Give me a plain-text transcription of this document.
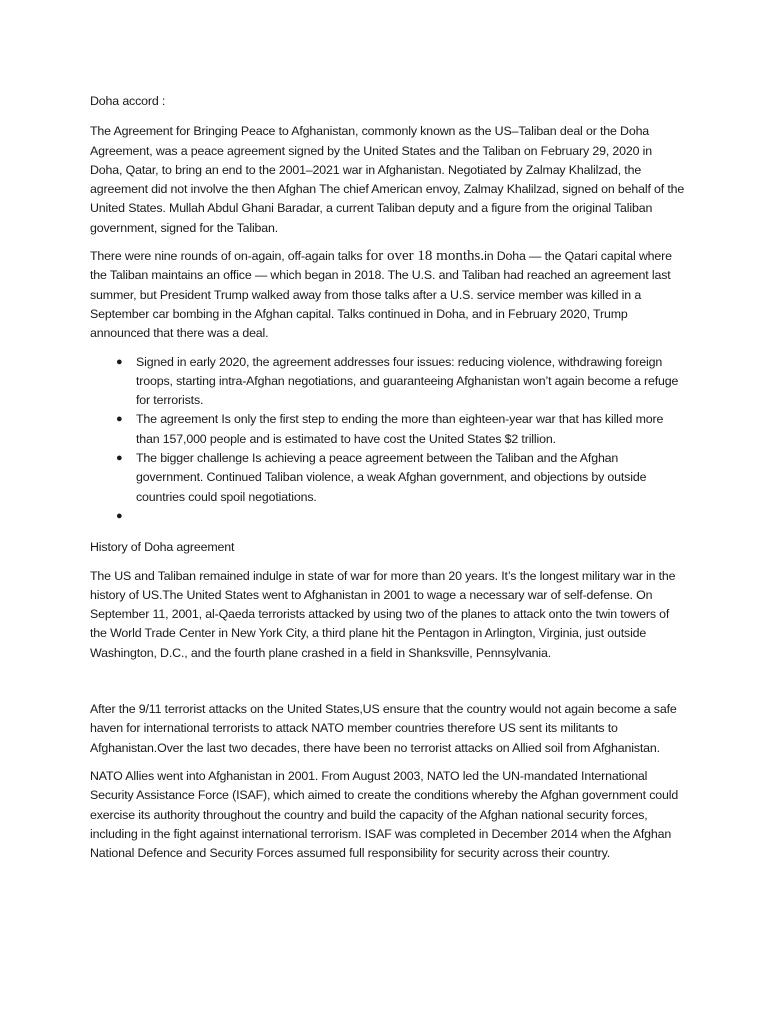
Doha accord :

The Agreement for Bringing Peace to Afghanistan, commonly known as the US–Taliban deal or the Doha Agreement, was a peace agreement signed by the United States and the Taliban on February 29, 2020 in Doha, Qatar, to bring an end to the 2001–2021 war in Afghanistan. Negotiated by Zalmay Khalilzad, the agreement did not involve the then Afghan The chief American envoy, Zalmay Khalilzad, signed on behalf of the United States. Mullah Abdul Ghani Baradar, a current Taliban deputy and a figure from the original Taliban government, signed for the Taliban.

There were nine rounds of on-again, off-again talks for over 18 months.in Doha — the Qatari capital where the Taliban maintains an office — which began in 2018. The U.S. and Taliban had reached an agreement last summer, but President Trump walked away from those talks after a U.S. service member was killed in a September car bombing in the Afghan capital. Talks continued in Doha, and in February 2020, Trump announced that there was a deal.

● Signed in early 2020, the agreement addresses four issues: reducing violence, withdrawing foreign troops, starting intra-Afghan negotiations, and guaranteeing Afghanistan won’t again become a refuge for terrorists.
● The agreement Is only the first step to ending the more than eighteen-year war that has killed more than 157,000 people and is estimated to have cost the United States $2 trillion.
● The bigger challenge Is achieving a peace agreement between the Taliban and the Afghan government. Continued Taliban violence, a weak Afghan government, and objections by outside countries could spoil negotiations.
●

History of Doha agreement

The US and Taliban remained indulge in state of war for more than 20 years. It’s the longest military war in the history of US.The United States went to Afghanistan in 2001 to wage a necessary war of self-defense. On September 11, 2001, al-Qaeda terrorists attacked by using two of the planes to attack onto the twin towers of the World Trade Center in New York City, a third plane hit the Pentagon in Arlington, Virginia, just outside Washington, D.C., and the fourth plane crashed in a field in Shanksville, Pennsylvania.

After the 9/11 terrorist attacks on the United States,US ensure that the country would not again become a safe haven for international terrorists to attack NATO member countries therefore US sent its militants to Afghanistan.Over the last two decades, there have been no terrorist attacks on Allied soil from Afghanistan.

NATO Allies went into Afghanistan in 2001. From August 2003, NATO led the UN-mandated International Security Assistance Force (ISAF), which aimed to create the conditions whereby the Afghan government could exercise its authority throughout the country and build the capacity of the Afghan national security forces, including in the fight against international terrorism. ISAF was completed in December 2014 when the Afghan National Defence and Security Forces assumed full responsibility for security across their country.
